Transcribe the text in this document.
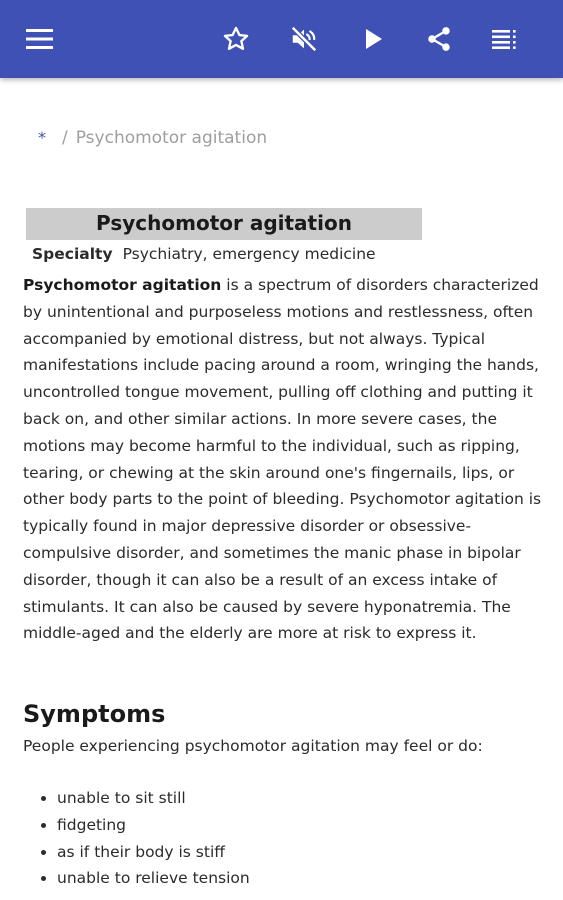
* / Psychomotor agitation
Psychomotor agitation
Specialty Psychiatry, emergency medicine

Psychomotor agitation is a spectrum of disorders characterized by unintentional and purposeless motions and restlessness, often accompanied by emotional distress, but not always. Typical manifestations include pacing around a room, wringing the hands, uncontrolled tongue movement, pulling off clothing and putting it back on, and other similar actions. In more severe cases, the motions may become harmful to the individual, such as ripping, tearing, or chewing at the skin around one's fingernails, lips, or other body parts to the point of bleeding. Psychomotor agitation is typically found in major depressive disorder or obsessive-compulsive disorder, and sometimes the manic phase in bipolar disorder, though it can also be a result of an excess intake of stimulants. It can also be caused by severe hyponatremia. The middle-aged and the elderly are more at risk to express it.

Symptoms
People experiencing psychomotor agitation may feel or do:
• unable to sit still
• fidgeting
• as if their body is stiff
• unable to relieve tension
